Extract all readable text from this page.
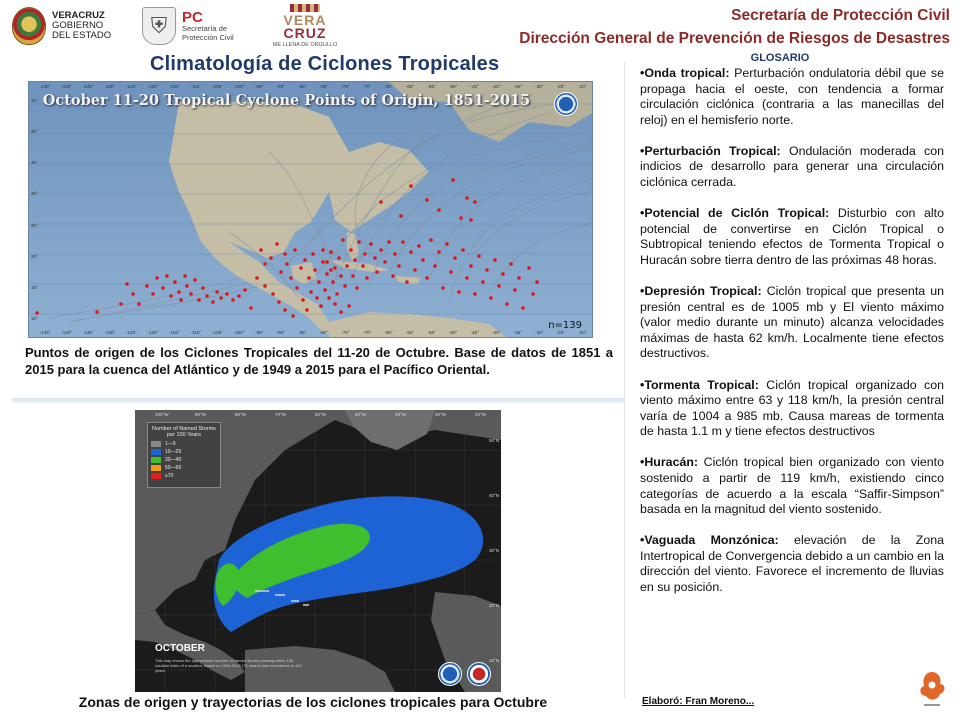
VERACRUZ
GOBIERNO
DEL ESTADO	⛨ PC
Secretaría de
Protección Civil
VERA
CRUZ
ME LLENA DE ORGULLO
Secretaría de Protección Civil
Dirección General de Prevención de Riesgos de Desastres
Climatología de Ciclones Tropicales
October 11-20 Tropical Cyclone Points of Origin, 1851-2015
n=139
-145° -140° -135° -130° -125° -120° -115° -110° -105° -100° -95°	-90°	-85°	-80°	-75°	-70°	-65°	-60°	-55°	-50°	-45°	-40°	-35°	-30°	-25°	-20°
-145° -140° -135° -130° -125° -120° -115° -110° -105° -100° -95°	-90°	-85°	-80°	-75°	-70°	-65°	-60°	-55°	-50°	-45°	-40°	-35°	-30°	-25°	-20°
45°
40°
35°
30°
25°
20°
15°
10°
Puntos de origen de los Ciclones Tropicales del 11-20 de Octubre. Base de datos de 1851 a 2015 para la cuenca del Atlántico y de 1949 a 2015 para el Pacífico Oriental.
Number of Named Storms per 100 Years
1—9
10—29
30—49
50—69
≥70
OCTOBER
This map shows the approximate number of named storms passing within 150 nautical miles of a location, based on 1944-2015 (72 years) data normalized to 100 years.
100°W	90°W	80°W	70°W	60°W	50°W	40°W	30°W	20°W
50°N
40°N
30°N
20°N
10°N
Zonas de origen y trayectorias de los ciclones tropicales para Octubre
GLOSARIO

•Onda tropical: Perturbación ondulatoria débil que se propaga hacia el oeste, con tendencia a formar circulación ciclónica (contraria a las manecillas del reloj) en el hemisferio norte.

•Perturbación Tropical: Ondulación moderada con indicios de desarrollo para generar una circulación ciclónica cerrada.

•Potencial de Ciclón Tropical: Disturbio con alto potencial de convertirse en Ciclón Tropical o Subtropical teniendo efectos de Tormenta Tropical o Huracán sobre tierra dentro de las próximas 48 horas.

•Depresión Tropical: Ciclón tropical que presenta un presión central es de 1005 mb y El viento máximo (valor medio durante un minuto) alcanza velocidades máximas de hasta 62 km/h. Localmente tiene efectos destructivos.

•Tormenta Tropical: Ciclón tropical organizado con viento máximo entre 63 y 118 km/h, la presión central varía de 1004 a 985 mb. Causa mareas de tormenta de hasta 1.1 m y tiene efectos destructivos

•Huracán: Ciclón tropical bien organizado con viento sostenido a partir de 119 km/h, existiendo cinco categorías de acuerdo a la escala “Saffir-Simpson” basada en la magnitud del viento sostenido.

•Vaguada Monzónica: elevación de la Zona Intertropical de Convergencia debido a un cambio en la dirección del viento. Favorece el incremento de lluvias en su posición.

Elaboró: Fran Moreno...
